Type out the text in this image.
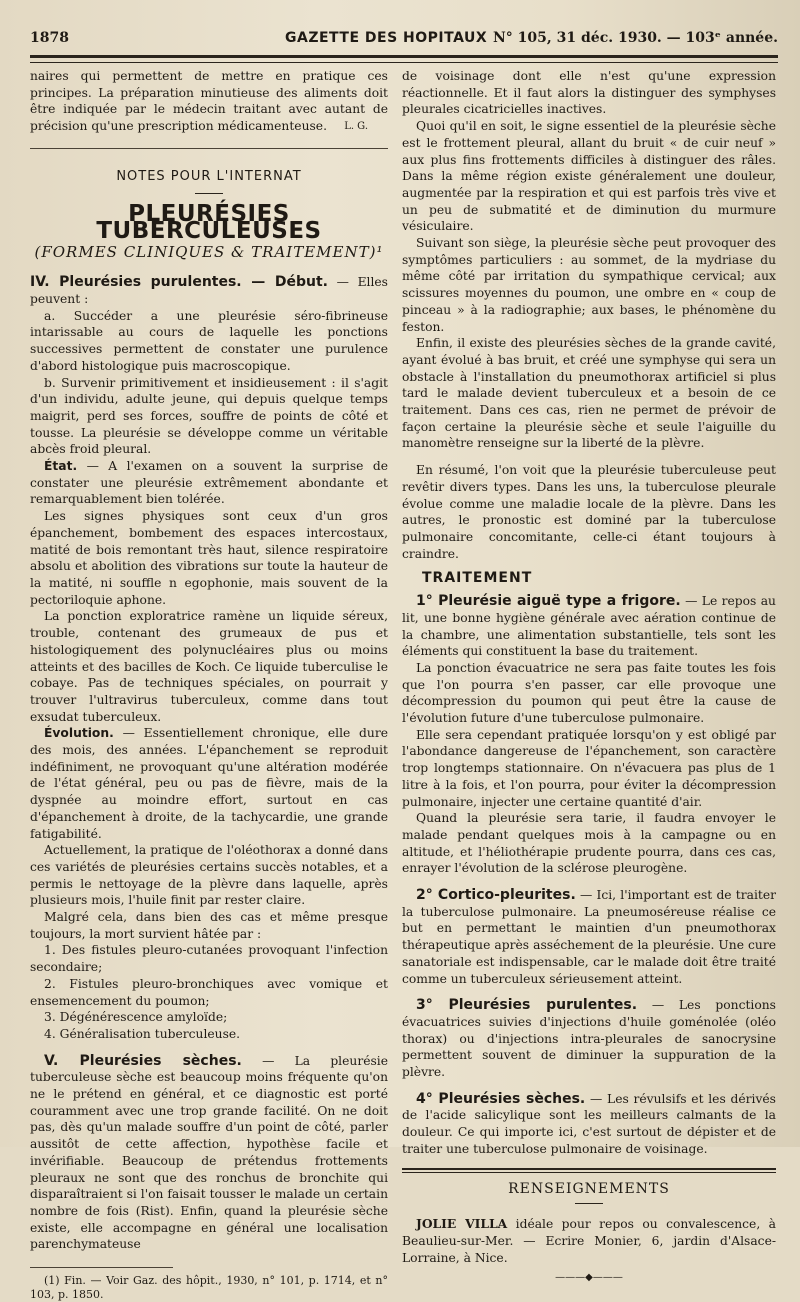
1878	GAZETTE DES HOPITAUX N° 105, 31 déc. 1930. — 103ᵉ année.

naires qui permettent de mettre en pratique ces principes. La préparation minutieuse des aliments doit être indiquée par le médecin traitant avec autant de précision qu'une prescription médicamenteuse.	L. G.
NOTES POUR L'INTERNAT
PLEURÉSIES TUBERCULEUSES
(FORMES CLINIQUES & TRAITEMENT)¹

IV. Pleurésies purulentes. — Début. — Elles peuvent :

a. Succéder a une pleurésie séro-fibrineuse intarissable au cours de laquelle les ponctions successives permettent de constater une purulence d'abord histologique puis macroscopique.

b. Survenir primitivement et insidieusement : il s'agit d'un individu, adulte jeune, qui depuis quelque temps maigrit, perd ses forces, souffre de points de côté et tousse. La pleurésie se développe comme un véritable abcès froid pleural.

État. — A l'examen on a souvent la surprise de constater une pleurésie extrêmement abondante et remarquablement bien tolérée.

Les signes physiques sont ceux d'un gros épanchement, bombement des espaces intercostaux, matité de bois remontant très haut, silence respiratoire absolu et abolition des vibrations sur toute la hauteur de la matité, ni souffle n egophonie, mais souvent de la pectoriloquie aphone.

La ponction exploratrice ramène un liquide séreux, trouble, contenant des grumeaux de pus et histologiquement des polynucléaires plus ou moins atteints et des bacilles de Koch. Ce liquide tuberculise le cobaye. Pas de techniques spéciales, on pourrait y trouver l'ultravirus tuberculeux, comme dans tout exsudat tuberculeux.

Évolution. — Essentiellement chronique, elle dure des mois, des années. L'épanchement se reproduit indéfiniment, ne provoquant qu'une altération modérée de l'état général, peu ou pas de fièvre, mais de la dyspnée au moindre effort, surtout en cas d'épanchement à droite, de la tachycardie, une grande fatigabilité.

Actuellement, la pratique de l'oléothorax a donné dans ces variétés de pleurésies certains succès notables, et a permis le nettoyage de la plèvre dans laquelle, après plusieurs mois, l'huile finit par rester claire.

Malgré cela, dans bien des cas et même presque toujours, la mort survient hâtée par :

1. Des fistules pleuro-cutanées provoquant l'infection secondaire;

2. Fistules pleuro-bronchiques avec vomique et ensemencement du poumon;

3. Dégénérescence amyloïde;

4. Généralisation tuberculeuse.

V. Pleurésies sèches. — La pleurésie tuberculeuse sèche est beaucoup moins fréquente qu'on ne le prétend en général, et ce diagnostic est porté couramment avec une trop grande facilité. On ne doit pas, dès qu'un malade souffre d'un point de côté, parler aussitôt de cette affection, hypothèse facile et invérifiable. Beaucoup de prétendus frottements pleuraux ne sont que des ronchus de bronchite qui disparaîtraient si l'on faisait tousser le malade un certain nombre de fois (Rist). Enfin, quand la pleurésie sèche existe, elle accompagne en général une localisation parenchymateuse

(1) Fin. — Voir Gaz. des hôpit., 1930, n° 101, p. 1714, et n° 103, p. 1850.

de voisinage dont elle n'est qu'une expression réactionnelle. Et il faut alors la distinguer des symphyses pleurales cicatricielles inactives.

Quoi qu'il en soit, le signe essentiel de la pleurésie sèche est le frottement pleural, allant du bruit « de cuir neuf » aux plus fins frottements difficiles à distinguer des râles. Dans la même région existe généralement une douleur, augmentée par la respiration et qui est parfois très vive et un peu de submatité et de diminution du murmure vésiculaire.

Suivant son siège, la pleurésie sèche peut provoquer des symptômes particuliers : au sommet, de la mydriase du même côté par irritation du sympathique cervical; aux scissures moyennes du poumon, une ombre en « coup de pinceau » à la radiographie; aux bases, le phénomène du feston.

Enfin, il existe des pleurésies sèches de la grande cavité, ayant évolué à bas bruit, et créé une symphyse qui sera un obstacle à l'installation du pneumothorax artificiel si plus tard le malade devient tuberculeux et a besoin de ce traitement. Dans ces cas, rien ne permet de prévoir de façon certaine la pleurésie sèche et seule l'aiguille du manomètre renseigne sur la liberté de la plèvre.

En résumé, l'on voit que la pleurésie tuberculeuse peut revêtir divers types. Dans les uns, la tuberculose pleurale évolue comme une maladie locale de la plèvre. Dans les autres, le pronostic est dominé par la tuberculose pulmonaire concomitante, celle-ci étant toujours à craindre.

TRAITEMENT

1° Pleurésie aiguë type a frigore. — Le repos au lit, une bonne hygiène générale avec aération continue de la chambre, une alimentation substantielle, tels sont les éléments qui constituent la base du traitement.

La ponction évacuatrice ne sera pas faite toutes les fois que l'on pourra s'en passer, car elle provoque une décompression du poumon qui peut être la cause de l'évolution future d'une tuberculose pulmonaire.

Elle sera cependant pratiquée lorsqu'on y est obligé par l'abondance dangereuse de l'épanchement, son caractère trop longtemps stationnaire. On n'évacuera pas plus de 1 litre à la fois, et l'on pourra, pour éviter la décompression pulmonaire, injecter une certaine quantité d'air.

Quand la pleurésie sera tarie, il faudra envoyer le malade pendant quelques mois à la campagne ou en altitude, et l'héliothérapie prudente pourra, dans ces cas, enrayer l'évolution de la sclérose pleurogène.

2° Cortico-pleurites. — Ici, l'important est de traiter la tuberculose pulmonaire. La pneumoséreuse réalise ce but en permettant le maintien d'un pneumothorax thérapeutique après asséchement de la pleurésie. Une cure sanatoriale est indispensable, car le malade doit être traité comme un tuberculeux sérieusement atteint.

3° Pleurésies purulentes. — Les ponctions évacuatrices suivies d'injections d'huile goménolée (oléo thorax) ou d'injections intra-pleurales de sanocrysine permettent souvent de diminuer la suppuration de la plèvre.

4° Pleurésies sèches. — Les révulsifs et les dérivés de l'acide salicylique sont les meilleurs calmants de la douleur. Ce qui importe ici, c'est surtout de dépister et de traiter une tuberculose pulmonaire de voisinage.

RENSEIGNEMENTS

JOLIE VILLA idéale pour repos ou convalescence, à Beaulieu-sur-Mer. — Ecrire Monier, 6, jardin d'Alsace-Lorraine, à Nice.

———◆———
